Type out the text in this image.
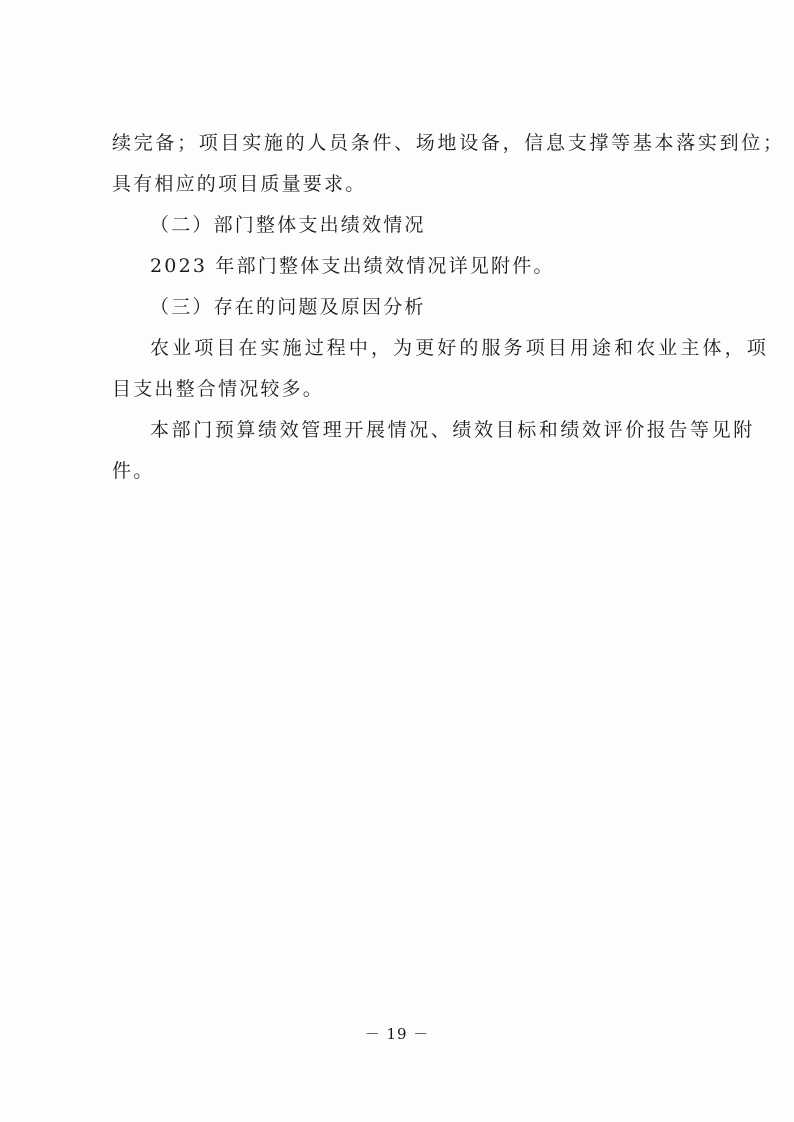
续完备；项目实施的人员条件、场地设备，信息支撑等基本落实到位；
具有相应的项目质量要求。
（二）部门整体支出绩效情况
2023 年部门整体支出绩效情况详见附件。
（三）存在的问题及原因分析
农业项目在实施过程中，为更好的服务项目用途和农业主体，项
目支出整合情况较多。
本部门预算绩效管理开展情况、绩效目标和绩效评价报告等见附
件。
－ 19 －
